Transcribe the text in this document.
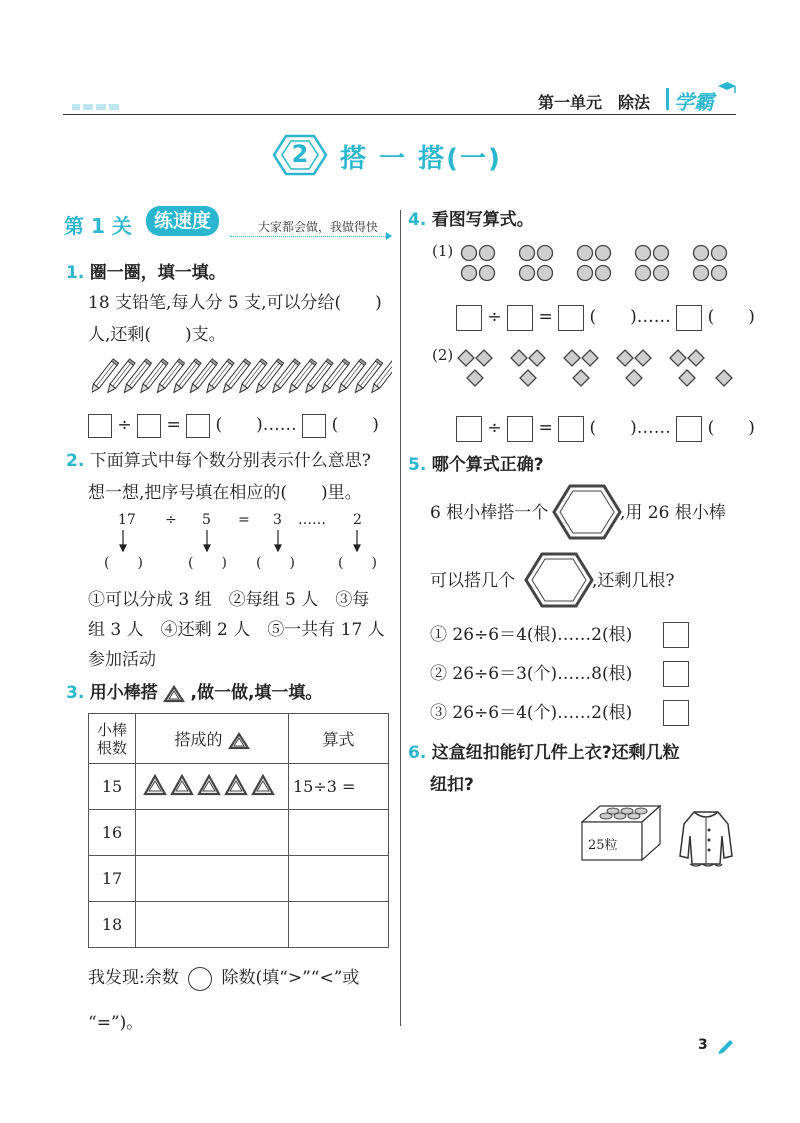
第一单元 除法 学霸
2	搭 一 搭(一)
第 1 关	练速度	大家都会做，我做得快
1. 圈一圈，填一填。
18 支铅笔,每人分 5 支,可以分给(　　)
人,还剩(　　)支。
÷ = (　　)…… (　　)
2. 下面算式中每个数分别表示什么意思?
想一想,把序号填在相应的(　　)里。
17 ÷ 5 = 3 …… 2
(　　)	(　　) (　　)	(　　)
①可以分成 3 组　②每组 5 人　③每
组 3 人　④还剩 2 人　⑤一共有 17 人
参加活动
3. 用小棒搭 ,做一做,填一填。
小棒根数	搭成的	算式
15		15÷3 =
16		
17		
18		
我发现:余数	除数(填“>”“<”或
“=”)。
4. 看图写算式。
(1)
÷ = (　　)…… (　　)
(2)
÷ = (　　)…… (　　)
5. 哪个算式正确?
6 根小棒搭一个	,用 26 根小棒
可以搭几个	,还剩几根?
① 26÷6＝4(根)……2(根)
② 26÷6＝3(个)……8(根)
③ 26÷6＝4(个)……2(根)
6. 这盒纽扣能钉几件上衣?还剩几粒
纽扣?
25粒
3
